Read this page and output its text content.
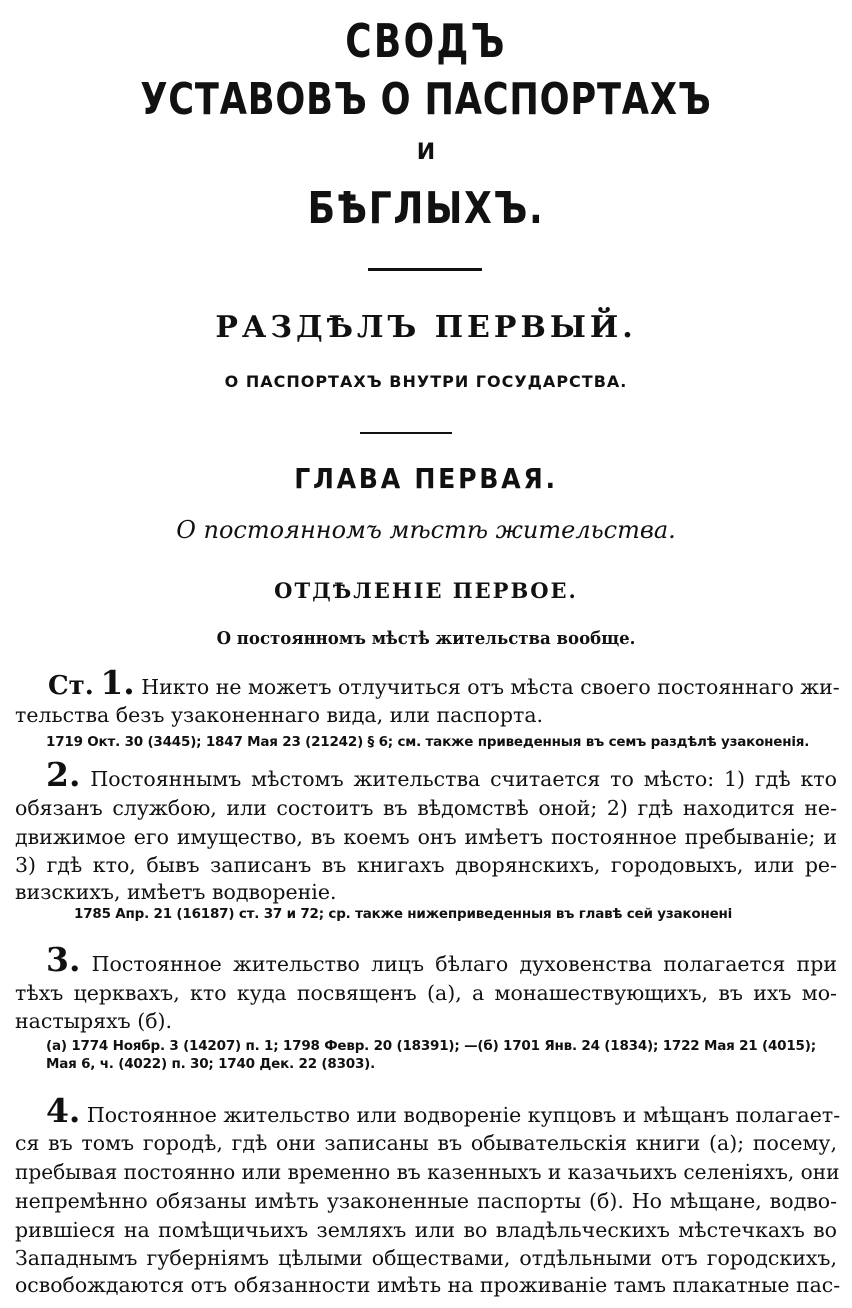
СВОДЪ
УСТАВОВЪ О ПАСПОРТАХЪ
И
БѢГЛЫХЪ.
РАЗДѢЛЪ ПЕРВЫЙ.
О ПАСПОРТАХЪ ВНУТРИ ГОСУДАРСТВА.
ГЛАВА ПЕРВАЯ.
О постоянномъ мѣстѣ жительства.
ОТДѢЛЕНІЕ ПЕРВОЕ.
О постоянномъ мѣстѣ жительства вообще.
Ст. 1. Никто не можетъ отлучиться отъ мѣста своего постояннаго жи-
тельства безъ узаконеннаго вида, или паспорта.
1719 Окт. 30 (3445); 1847 Мая 23 (21242) § 6; см. также приведенныя въ семъ раздѣлѣ узаконенія.
2. Постояннымъ мѣстомъ жительства считается то мѣсто: 1) гдѣ кто
обязанъ службою, или состоитъ въ вѣдомствѣ оной; 2) гдѣ находится не-
движимое его имущество, въ коемъ онъ имѣетъ постоянное пребываніе; и
3) гдѣ кто, бывъ записанъ въ книгахъ дворянскихъ, городовыхъ, или ре-
визскихъ, имѣетъ водвореніе.
1785 Апр. 21 (16187) ст. 37 и 72; ср. также нижеприведенныя въ главѣ сей узаконені
3. Постоянное жительство лицъ бѣлаго духовенства полагается при
тѣхъ церквахъ, кто куда посвященъ (а), а монашествующихъ, въ ихъ мо-
настыряхъ (б).
(а) 1774 Ноябр. 3 (14207) п. 1; 1798 Февр. 20 (18391); —(б) 1701 Янв. 24 (1834); 1722 Мая 21 (4015);
Мая 6, ч. (4022) п. 30; 1740 Дек. 22 (8303).
4. Постоянное жительство или водвореніе купцовъ и мѣщанъ полагает-
ся въ томъ городѣ, гдѣ они записаны въ обывательскія книги (а); посему,
пребывая постоянно или временно въ казенныхъ и казачьихъ селеніяхъ, они
непремѣнно обязаны имѣть узаконенные паспорты (б). Но мѣщане, водво-
рившіеся на помѣщичьихъ земляхъ или во владѣльческихъ мѣстечкахъ во
Западнымъ губерніямъ цѣлыми обществами, отдѣльными отъ городскихъ,
освобождаются отъ обязанности имѣть на проживаніе тамъ плакатные пас-
